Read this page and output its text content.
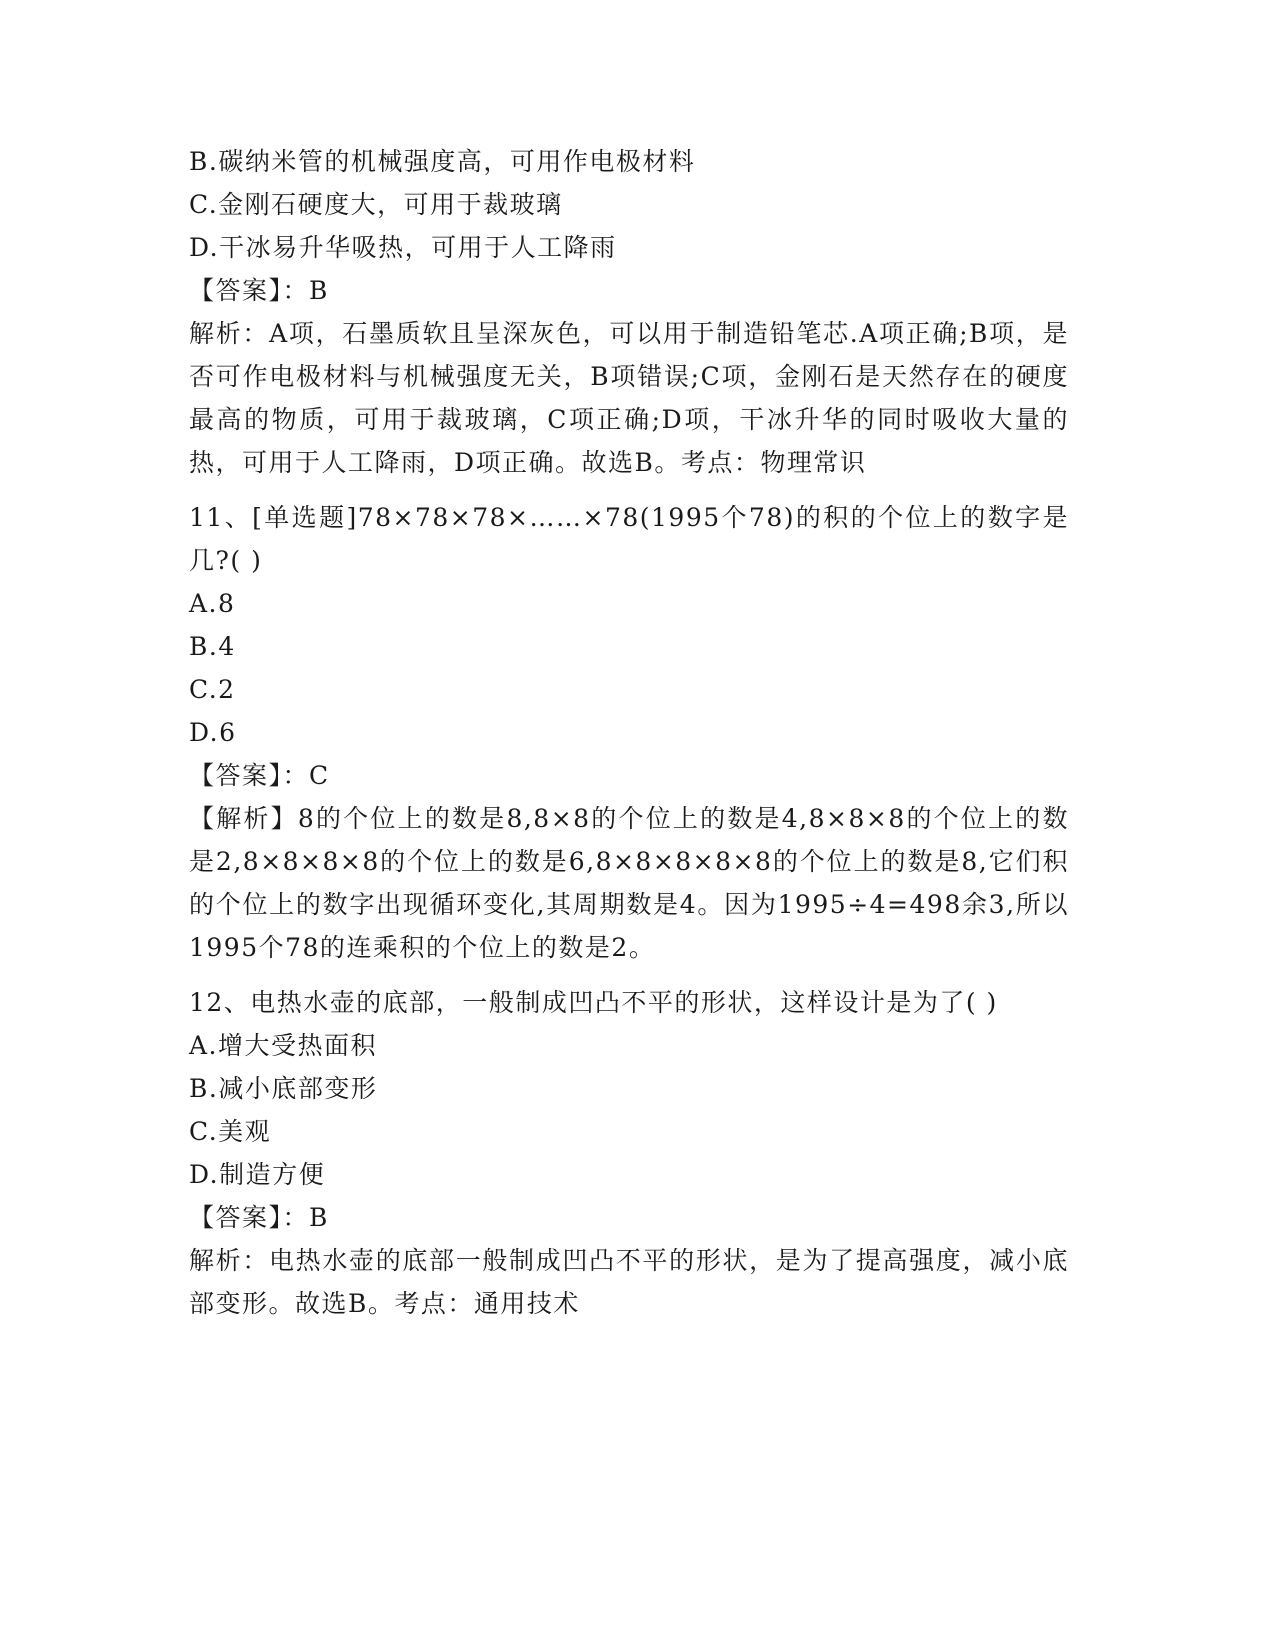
B.碳纳米管的机械强度高，可用作电极材料

C.金刚石硬度大，可用于裁玻璃

D.干冰易升华吸热，可用于人工降雨

【答案】：B

解析：A项，石墨质软且呈深灰色，可以用于制造铅笔芯.A项正确;B项，是否可作电极材料与机械强度无关，B项错误;C项，金刚石是天然存在的硬度最高的物质，可用于裁玻璃，C项正确;D项，干冰升华的同时吸收大量的热，可用于人工降雨，D项正确。故选B。考点：物理常识

11、[单选题]78×78×78×……×78(1995个78)的积的个位上的数字是几?( )

A.8

B.4

C.2

D.6

【答案】：C

【解析】8的个位上的数是8,8×8的个位上的数是4,8×8×8的个位上的数是2,8×8×8×8的个位上的数是6,8×8×8×8×8的个位上的数是8,它们积的个位上的数字出现循环变化,其周期数是4。因为1995÷4=498余3,所以1995个78的连乘积的个位上的数是2。

12、电热水壶的底部，一般制成凹凸不平的形状，这样设计是为了( )

A.增大受热面积

B.减小底部变形

C.美观

D.制造方便

【答案】：B

解析：电热水壶的底部一般制成凹凸不平的形状，是为了提高强度，减小底部变形。故选B。考点：通用技术
